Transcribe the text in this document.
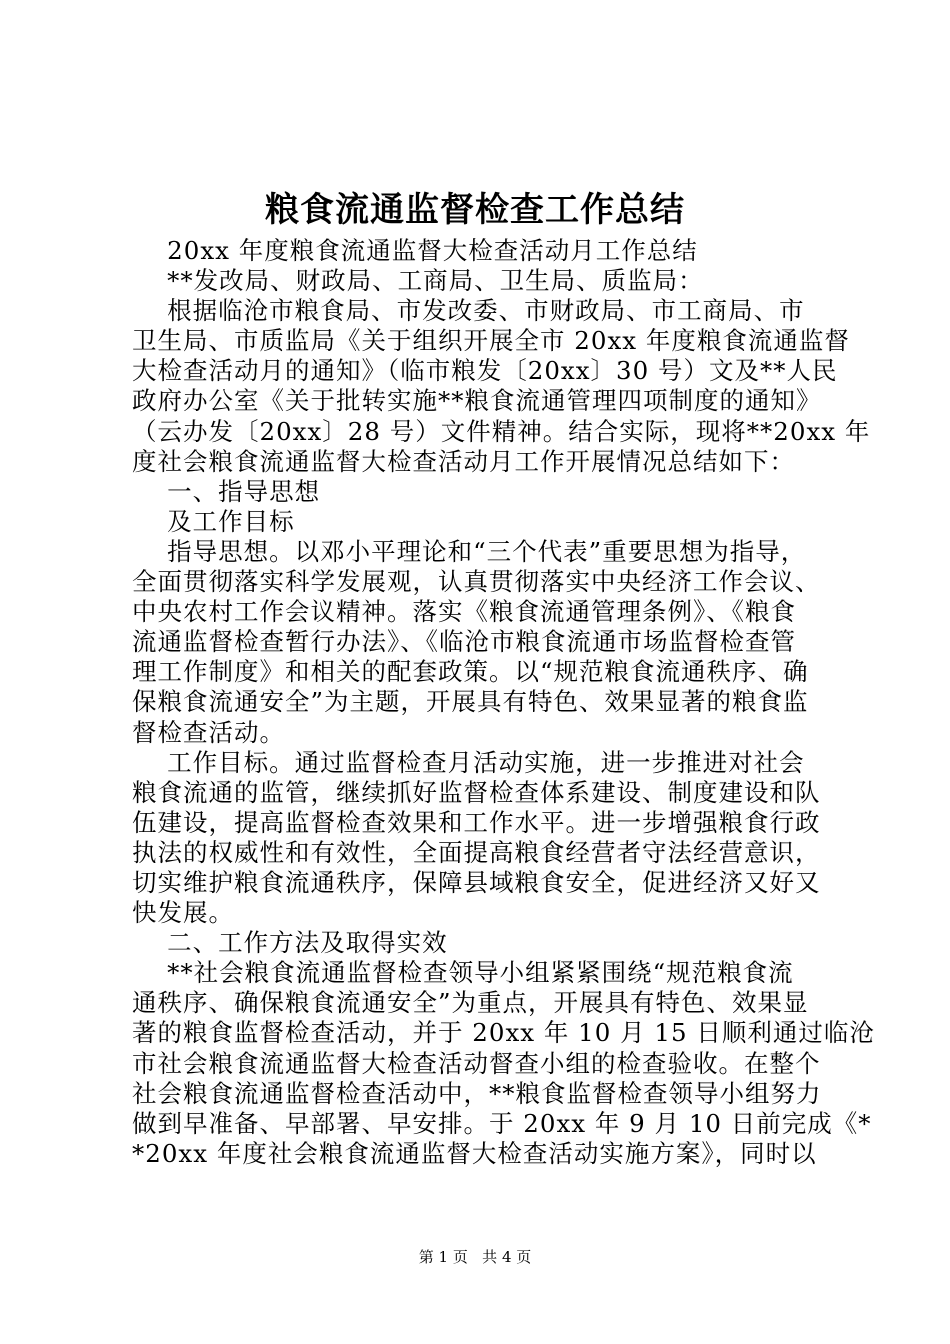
粮食流通监督检查工作总结
20xx 年度粮食流通监督大检查活动月工作总结
**发改局、财政局、工商局、卫生局、质监局：
根据临沧市粮食局、市发改委、市财政局、市工商局、市
卫生局、市质监局《关于组织开展全市 20xx 年度粮食流通监督
大检查活动月的通知》（临市粮发〔20xx〕30 号）文及**人民
政府办公室《关于批转实施**粮食流通管理四项制度的通知》
（云办发〔20xx〕28 号）文件精神。结合实际，现将**20xx 年
度社会粮食流通监督大检查活动月工作开展情况总结如下：
一、指导思想
及工作目标
指导思想。以邓小平理论和“三个代表”重要思想为指导，
全面贯彻落实科学发展观，认真贯彻落实中央经济工作会议、
中央农村工作会议精神。落实《粮食流通管理条例》、《粮食
流通监督检查暂行办法》、《临沧市粮食流通市场监督检查管
理工作制度》和相关的配套政策。以“规范粮食流通秩序、确
保粮食流通安全”为主题，开展具有特色、效果显著的粮食监
督检查活动。
工作目标。通过监督检查月活动实施，进一步推进对社会
粮食流通的监管，继续抓好监督检查体系建设、制度建设和队
伍建设，提高监督检查效果和工作水平。进一步增强粮食行政
执法的权威性和有效性，全面提高粮食经营者守法经营意识，
切实维护粮食流通秩序，保障县域粮食安全，促进经济又好又
快发展。
二、工作方法及取得实效
**社会粮食流通监督检查领导小组紧紧围绕“规范粮食流
通秩序、确保粮食流通安全”为重点，开展具有特色、效果显
著的粮食监督检查活动，并于 20xx 年 10 月 15 日顺利通过临沧
市社会粮食流通监督大检查活动督查小组的检查验收。在整个
社会粮食流通监督检查活动中，**粮食监督检查领导小组努力
做到早准备、早部署、早安排。于 20xx 年 9 月 10 日前完成《*
*20xx 年度社会粮食流通监督大检查活动实施方案》，同时以
第 1 页 共 4 页
